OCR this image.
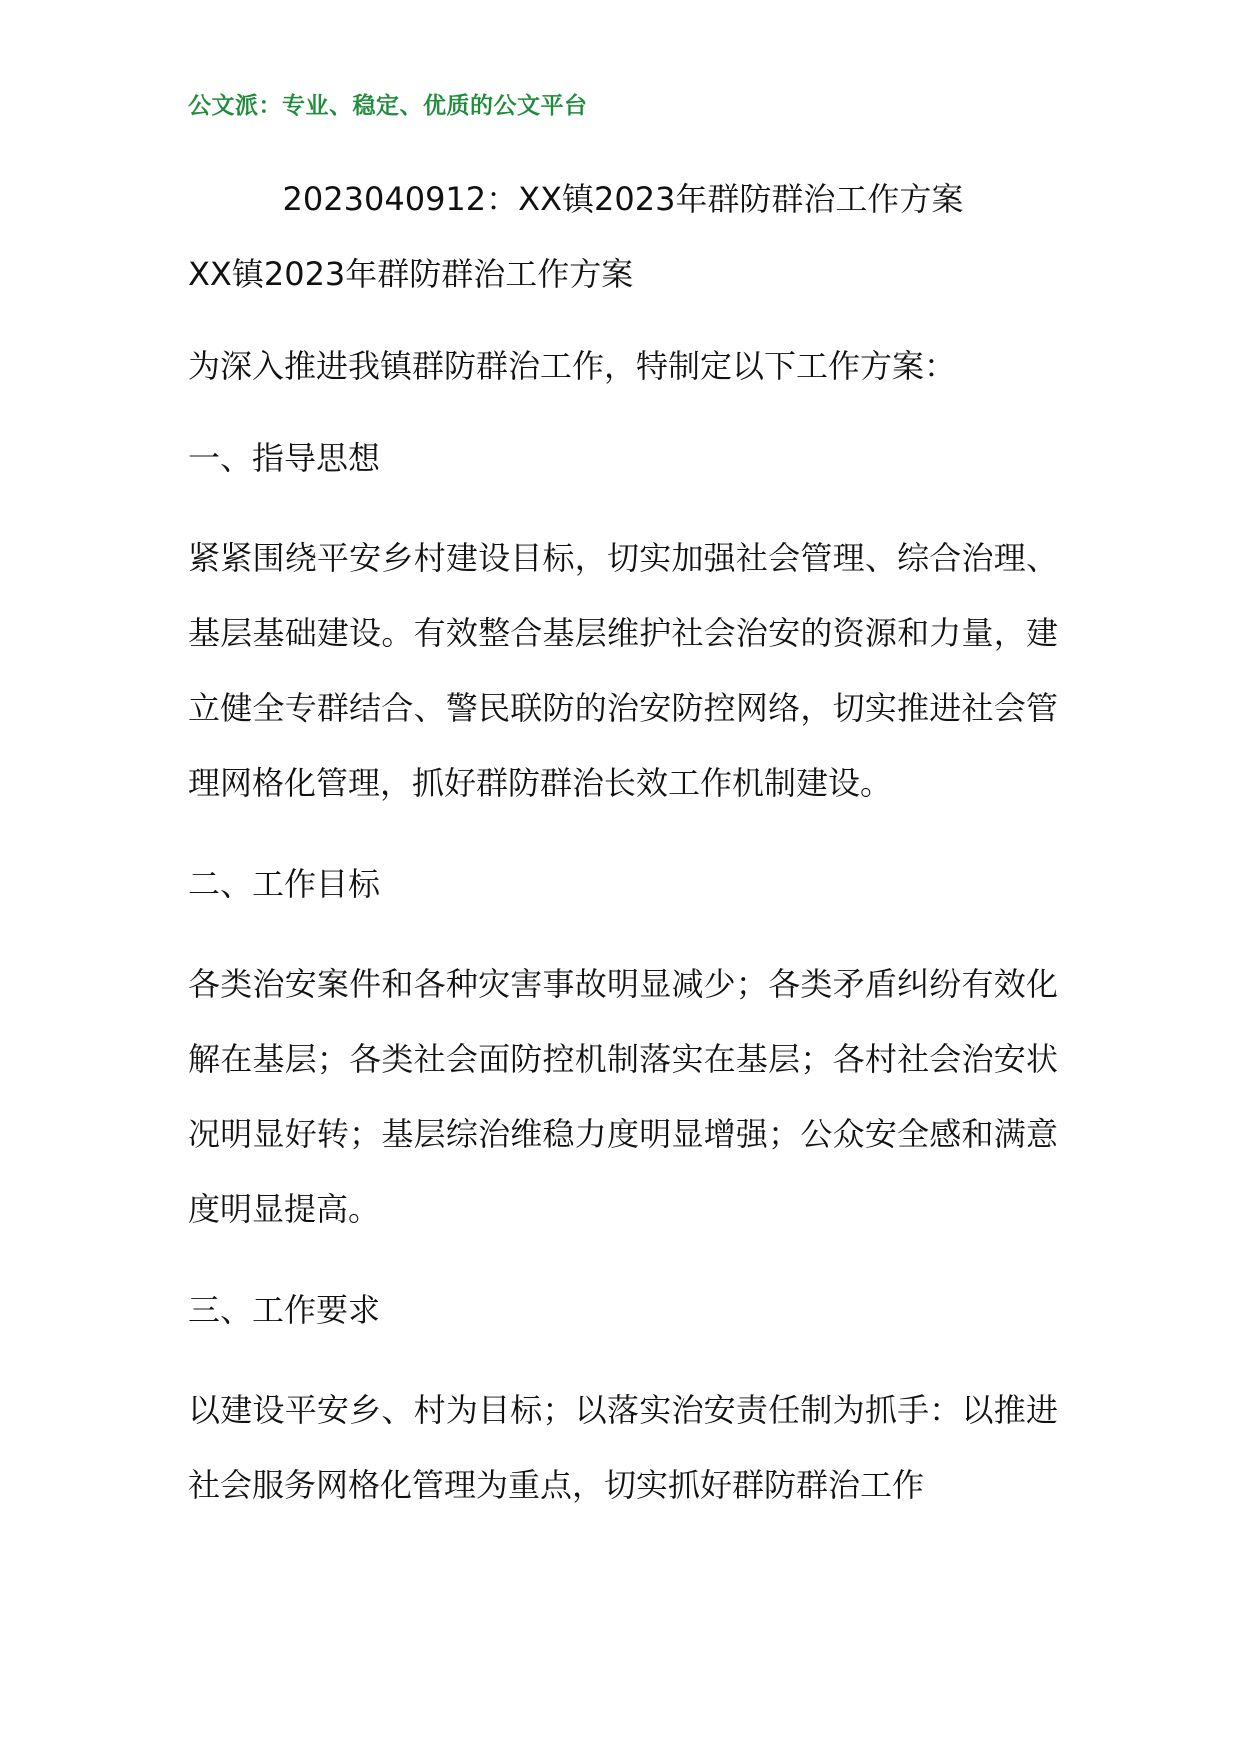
公文派：专业、稳定、优质的公文平台
2023040912：XX镇2023年群防群治工作方案

XX镇2023年群防群治工作方案

为深入推进我镇群防群治工作，特制定以下工作方案：

一、指导思想

紧紧围绕平安乡村建设目标，切实加强社会管理、综合治理、基层基础建设。有效整合基层维护社会治安的资源和力量，建立健全专群结合、警民联防的治安防控网络，切实推进社会管理网格化管理，抓好群防群治长效工作机制建设。

二、工作目标

各类治安案件和各种灾害事故明显减少；各类矛盾纠纷有效化解在基层；各类社会面防控机制落实在基层；各村社会治安状况明显好转；基层综治维稳力度明显增强；公众安全感和满意度明显提高。

三、工作要求

以建设平安乡、村为目标；以落实治安责任制为抓手：以推进社会服务网格化管理为重点，切实抓好群防群治工作
